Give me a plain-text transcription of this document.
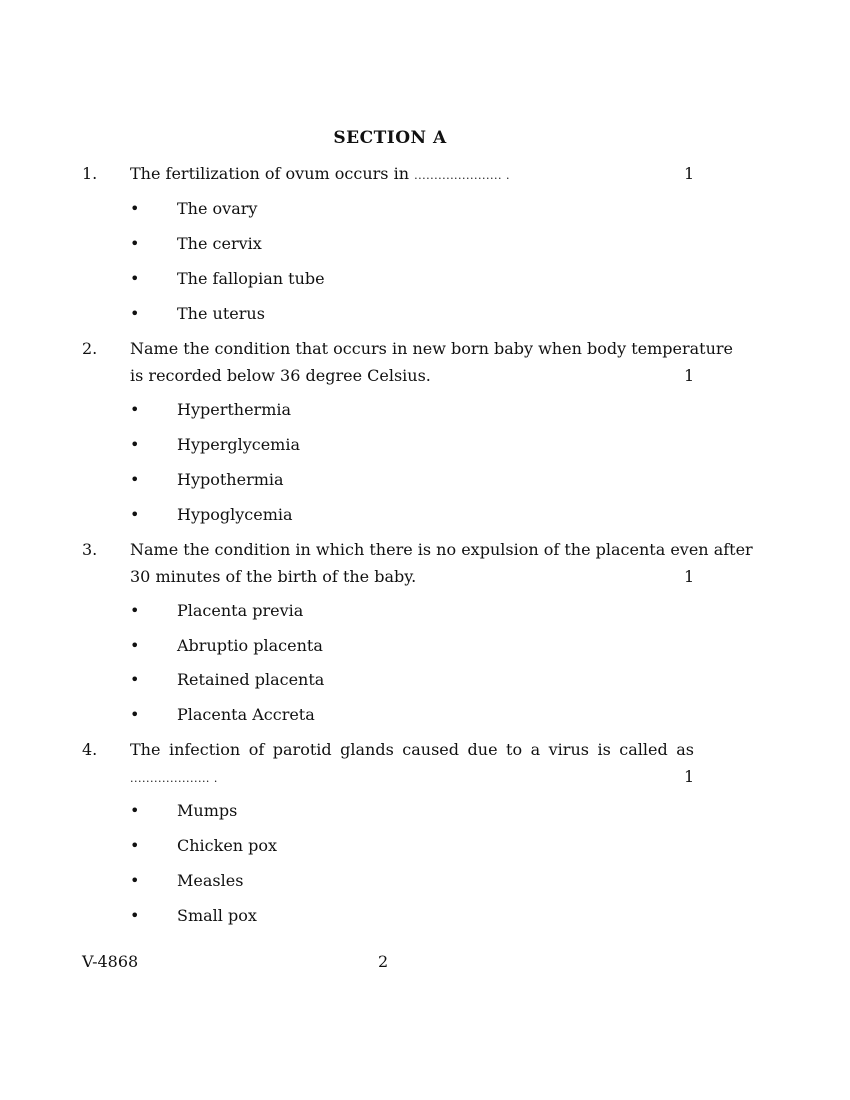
SECTION A
1. The fertilization of ovum occurs in ...................... .	1
• The ovary
• The cervix
• The fallopian tube
• The uterus
2. Name the condition that occurs in new born baby when body temperature
is recorded below 36 degree Celsius.	1
• Hyperthermia
• Hyperglycemia
• Hypothermia
• Hypoglycemia
3. Name the condition in which there is no expulsion of the placenta even after
30 minutes of the birth of the baby.	1
• Placenta previa
• Abruptio placenta
• Retained placenta
• Placenta Accreta
4. The infection of parotid glands caused due to a virus is called as
.................... .	1
• Mumps
• Chicken pox
• Measles
• Small pox
V-4868	2
